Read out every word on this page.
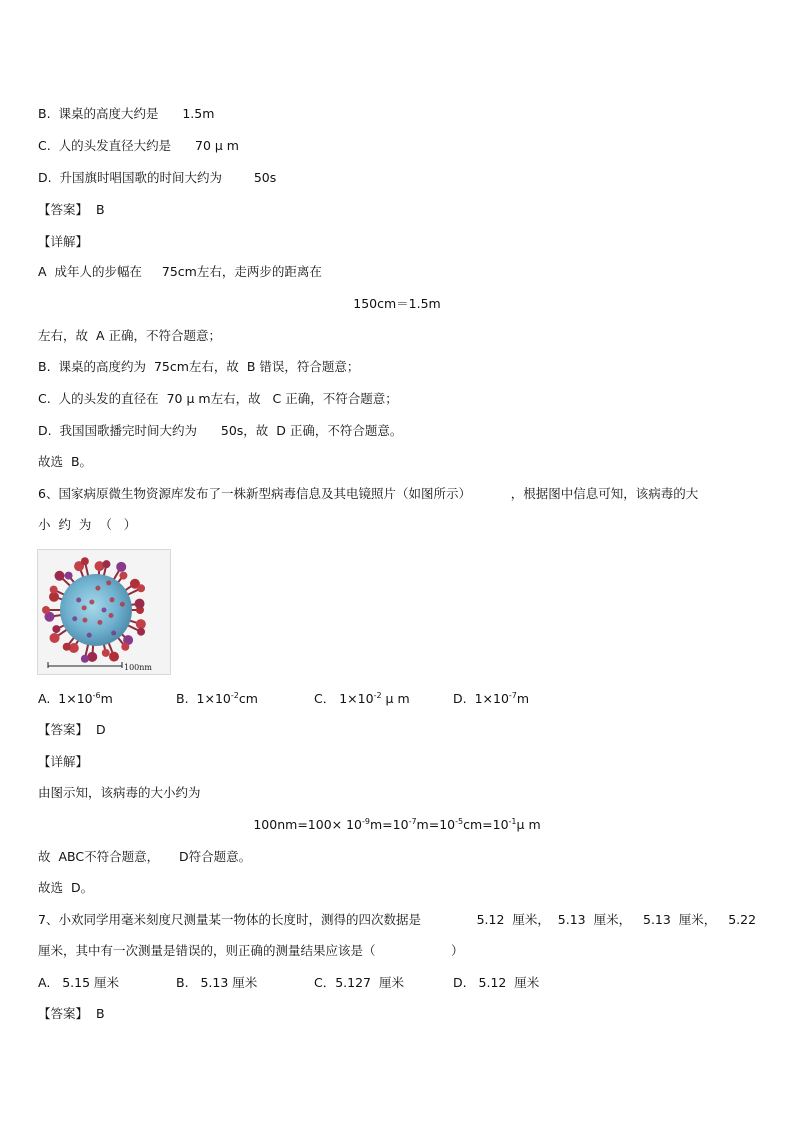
B.  课桌的高度大约是      1.5m
C.  人的头发直径大约是      70 μ m
D.  升国旗时唱国歌的时间大约为        50s
【答案】 B
【详解】
A  成年人的步幅在     75cm左右，走两步的距离在
150cm＝1.5m
左右，故  A 正确，不符合题意；
B.  课桌的高度约为  75cm左右，故  B 错误，符合题意；
C.  人的头发的直径在  70 μ m左右，故   C 正确，不符合题意；
D.  我国国歌播完时间大约为      50s，故  D 正确，不符合题意。
故选  B。
6、国家病原微生物资源库发布了一株新型病毒信息及其电镜照片（如图所示）          ，根据图中信息可知，该病毒的大
小  约  为  （   ）
100nm
A. $1\times 10^{-6}m$	B. $1\times 10^{-2}cm$	C． $1\times 10^{-2}$ μ m	D. $1\times 10^{-7}m$
【答案】 D
【详解】
由图示知，该病毒的大小约为
$100nm=100\times 10^{-9}m=10^{-7}m=10^{-5}cm=10^{-1}\mu$ m
故  ABC不符合题意，     D符合题意。
故选  D。
7、小欢同学用毫米刻度尺测量某一物体的长度时，测得的四次数据是              5.12  厘米，  5.13  厘米，   5.13  厘米，   5.22
厘米，其中有一次测量是错误的，则正确的测量结果应该是（                   ）
A.   5.15 厘米	B.   5.13 厘米	C．5.127  厘米	D.   5.12  厘米
【答案】 B
